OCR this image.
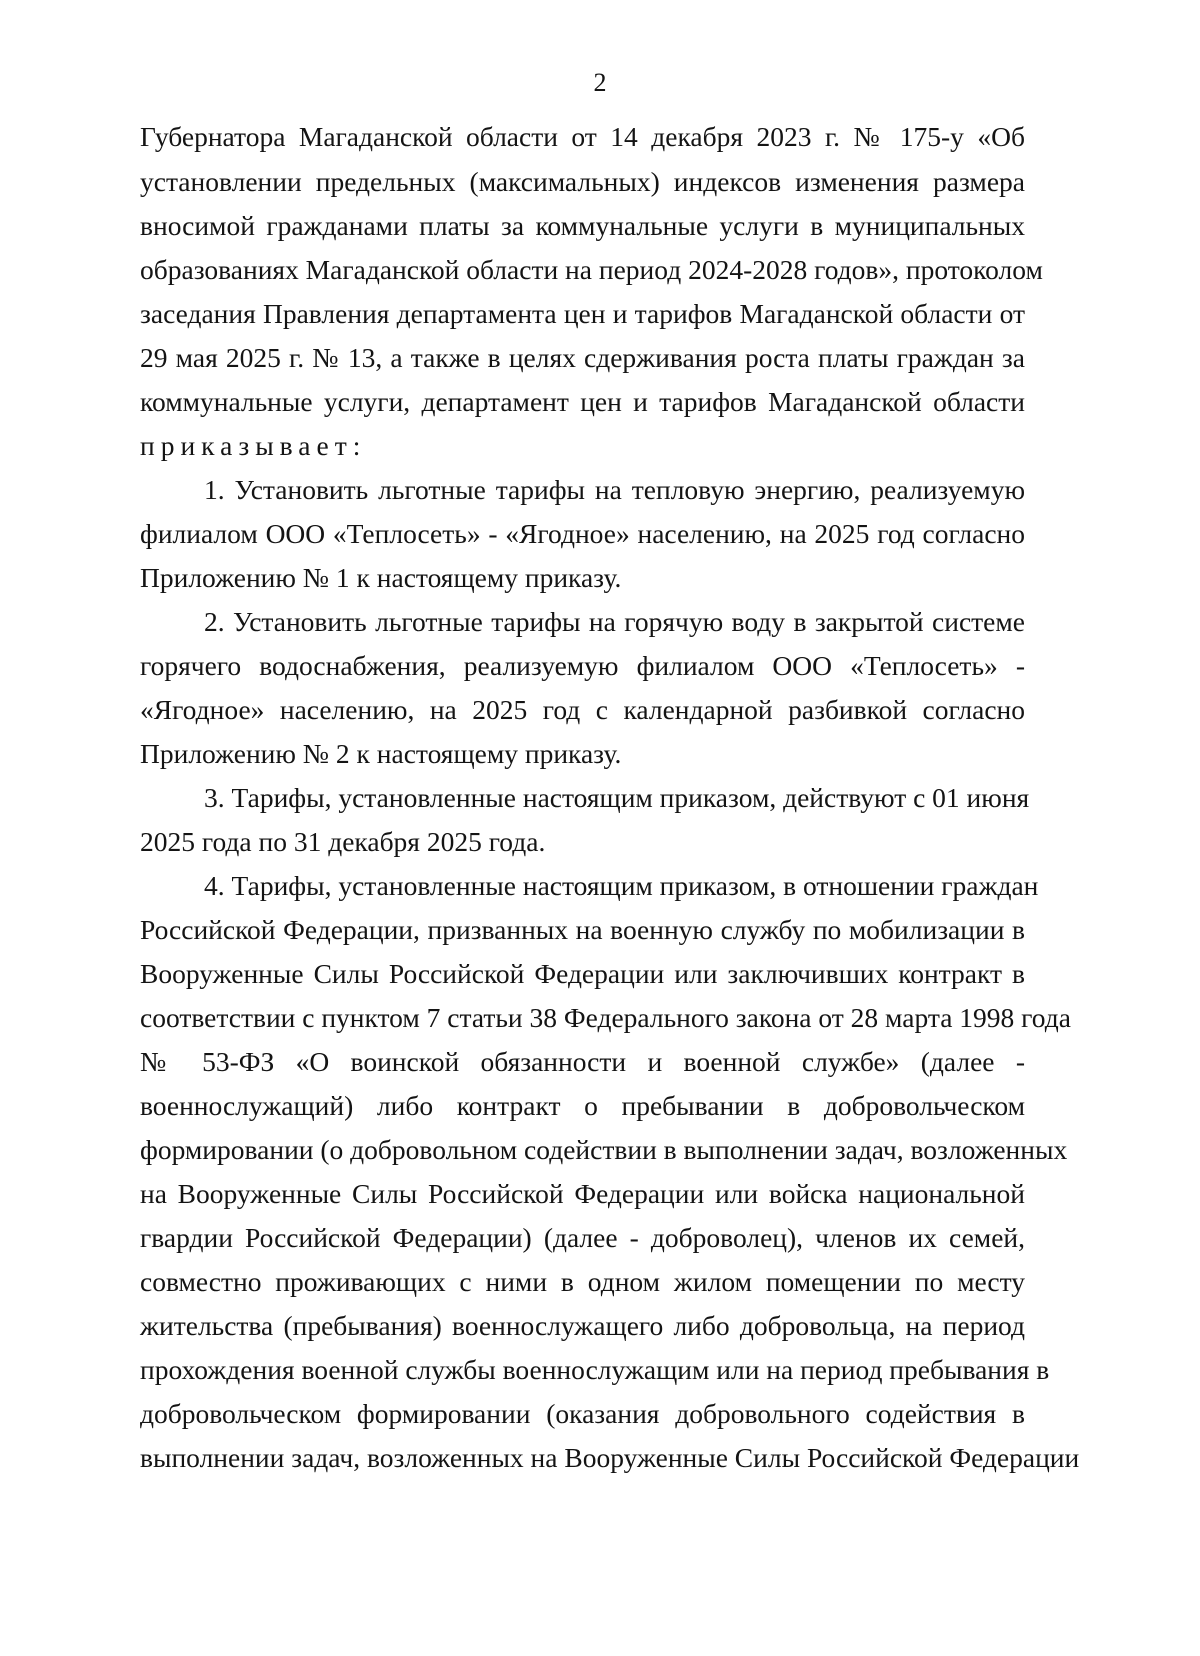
2
Губернатора Магаданской области от 14 декабря 2023 г. № 175-у «Об
установлении предельных (максимальных) индексов изменения размера
вносимой гражданами платы за коммунальные услуги в муниципальных
образованиях Магаданской области на период 2024-2028 годов», протоколом
заседания Правления департамента цен и тарифов Магаданской области от
29 мая 2025 г. № 13, а также в целях сдерживания роста платы граждан за
коммунальные услуги, департамент цен и тарифов Магаданской области
приказывает:
1. Установить льготные тарифы на тепловую энергию, реализуемую
филиалом ООО «Теплосеть» - «Ягодное» населению, на 2025 год согласно
Приложению № 1 к настоящему приказу.
2. Установить льготные тарифы на горячую воду в закрытой системе
горячего водоснабжения, реализуемую филиалом ООО «Теплосеть» -
«Ягодное» населению, на 2025 год с календарной разбивкой согласно
Приложению № 2 к настоящему приказу.
3. Тарифы, установленные настоящим приказом, действуют с 01 июня
2025 года по 31 декабря 2025 года.
4. Тарифы, установленные настоящим приказом, в отношении граждан
Российской Федерации, призванных на военную службу по мобилизации в
Вооруженные Силы Российской Федерации или заключивших контракт в
соответствии с пунктом 7 статьи 38 Федерального закона от 28 марта 1998 года
№ 53-ФЗ «О воинской обязанности и военной службе» (далее -
военнослужащий) либо контракт о пребывании в добровольческом
формировании (о добровольном содействии в выполнении задач, возложенных
на Вооруженные Силы Российской Федерации или войска национальной
гвардии Российской Федерации) (далее - доброволец), членов их семей,
совместно проживающих с ними в одном жилом помещении по месту
жительства (пребывания) военнослужащего либо добровольца, на период
прохождения военной службы военнослужащим или на период пребывания в
добровольческом формировании (оказания добровольного содействия в
выполнении задач, возложенных на Вооруженные Силы Российской Федерации
